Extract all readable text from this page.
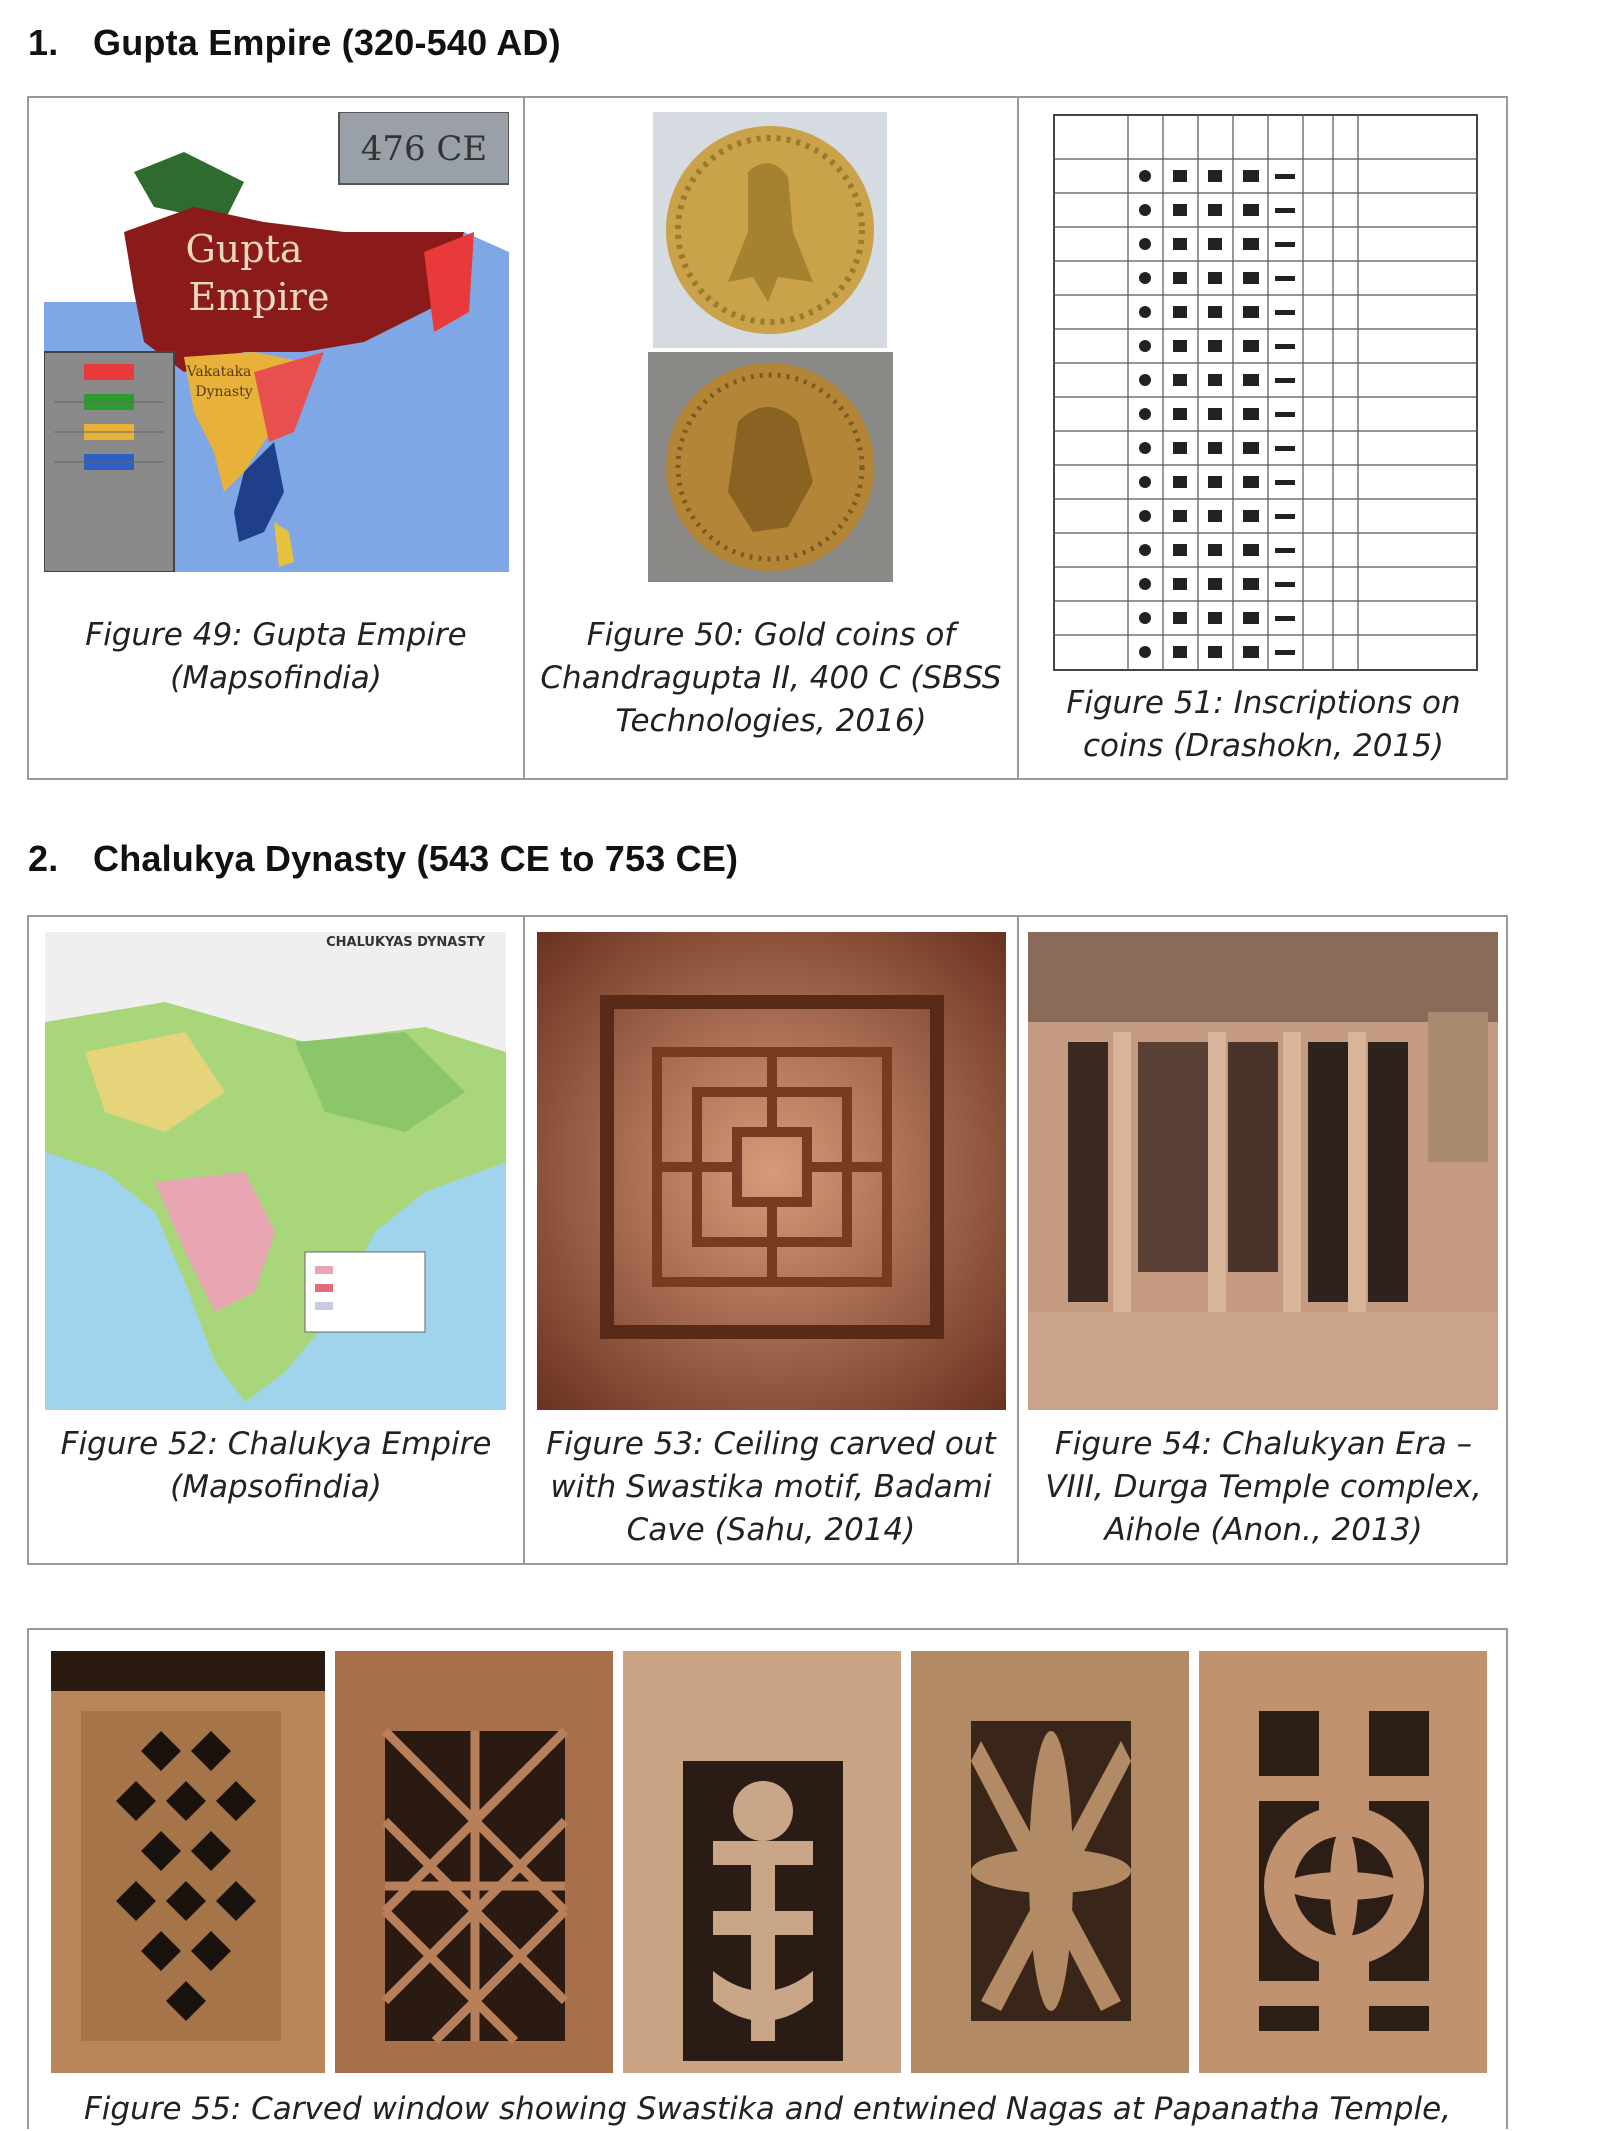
1. Gupta Empire (320-540 AD)
476 CE
Gupta
Empire
Vakataka
Dynasty
Figure 49: Gupta Empire (Mapsofindia)
Figure 50: Gold coins of Chandragupta II, 400 C (SBSS Technologies, 2016)	Figure 51: Inscriptions on coins (Drashokn, 2015)
2. Chalukya Dynasty (543 CE to 753 CE)
CHALUKYAS DYNASTY
Figure 52: Chalukya Empire (Mapsofindia)
Figure 53: Ceiling carved out with Swastika motif, Badami Cave (Sahu, 2014)
Figure 54: Chalukyan Era – VIII, Durga Temple complex, Aihole (Anon., 2013)
Figure 55: Carved window showing Swastika and entwined Nagas at Papanatha Temple,
